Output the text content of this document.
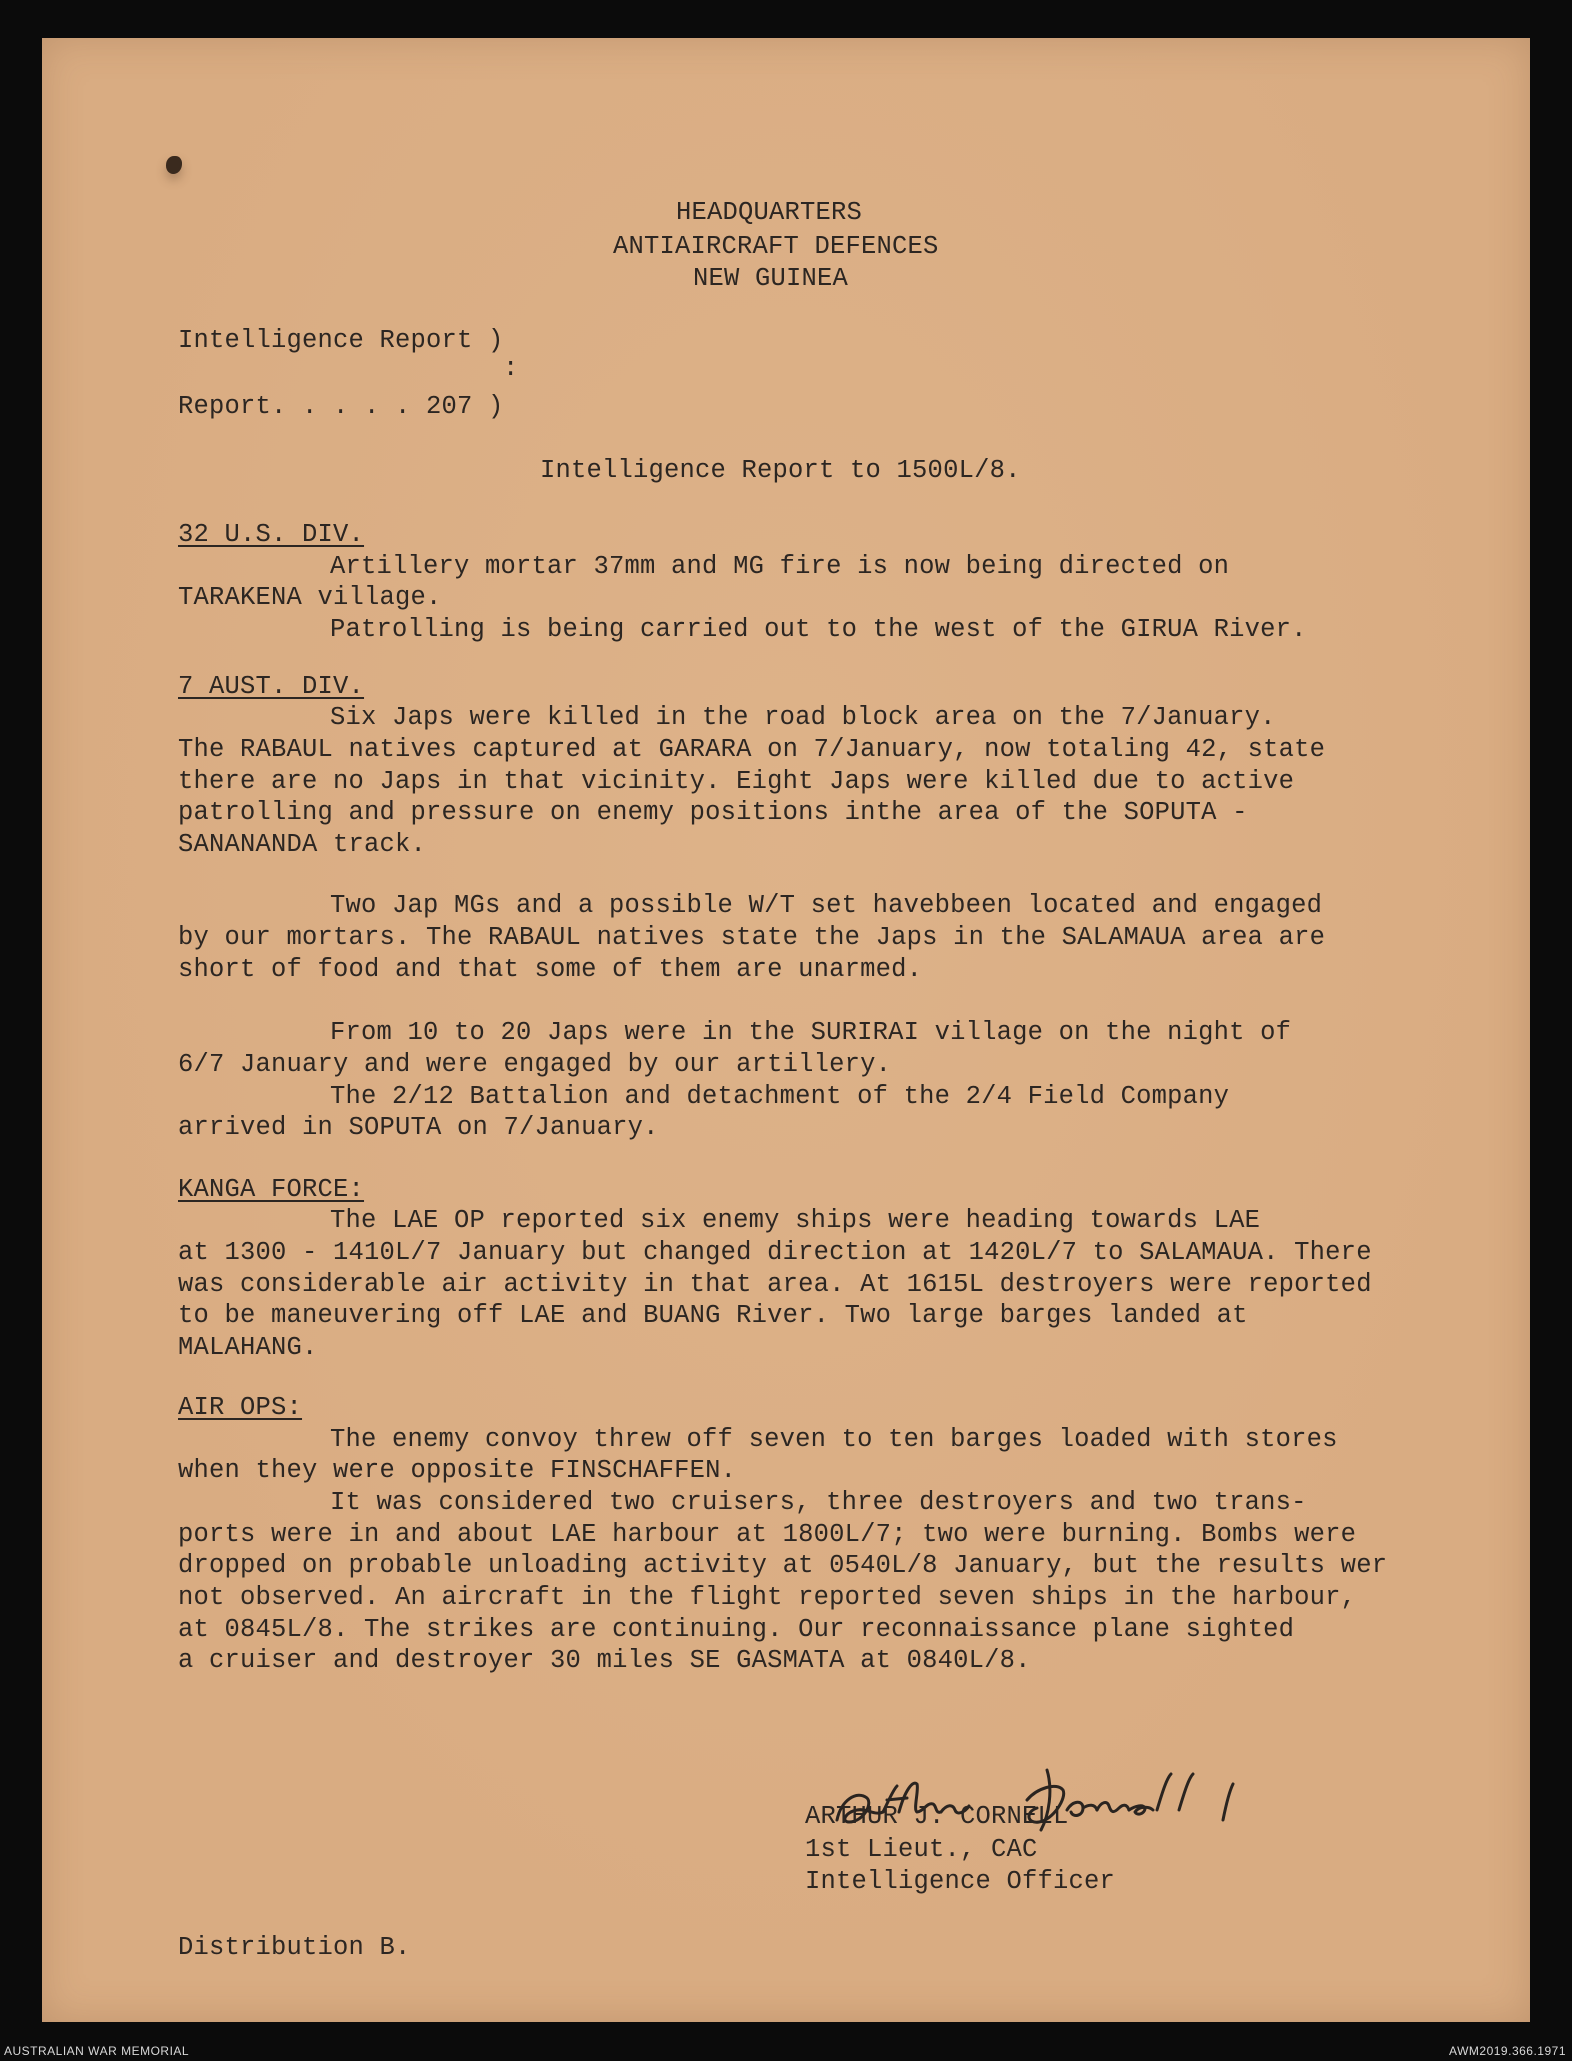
HEADQUARTERS
ANTIAIRCRAFT DEFENCES
NEW GUINEA
Intelligence Report )
:
Report. . . . . 207 )
Intelligence Report to 1500L/8.
32 U.S. DIV.
Artillery mortar 37mm and MG fire is now being directed on
TARAKENA village.
Patrolling is being carried out to the west of the GIRUA River.
7 AUST. DIV.
Six Japs were killed in the road block area on the 7/January.
The RABAUL natives captured at GARARA on 7/January, now totaling 42, state
there are no Japs in that vicinity. Eight Japs were killed due to active
patrolling and pressure on enemy positions inthe area of the SOPUTA -
SANANANDA track.
Two Jap MGs and a possible W/T set havebbeen located and engaged
by our mortars. The RABAUL natives state the Japs in the SALAMAUA area are
short of food and that some of them are unarmed.
From 10 to 20 Japs were in the SURIRAI village on the night of
6/7 January and were engaged by our artillery.
The 2/12 Battalion and detachment of the 2/4 Field Company
arrived in SOPUTA on 7/January.
KANGA FORCE:
The LAE OP reported six enemy ships were heading towards LAE
at 1300 - 1410L/7 January but changed direction at 1420L/7 to SALAMAUA. There
was considerable air activity in that area. At 1615L destroyers were reported
to be maneuvering off LAE and BUANG River. Two large barges landed at
MALAHANG.
AIR OPS:
The enemy convoy threw off seven to ten barges loaded with stores
when they were opposite FINSCHAFFEN.
It was considered two cruisers, three destroyers and two trans-
ports were in and about LAE harbour at 1800L/7; two were burning. Bombs were
dropped on probable unloading activity at 0540L/8 January, but the results wer
not observed. An aircraft in the flight reported seven ships in the harbour,
at 0845L/8. The strikes are continuing. Our reconnaissance plane sighted
a cruiser and destroyer 30 miles SE GASMATA at 0840L/8.
ARTHUR J. CORNELL
1st Lieut., CAC
Intelligence Officer
Distribution B.
AUSTRALIAN WAR MEMORIAL	AWM2019.366.1971
